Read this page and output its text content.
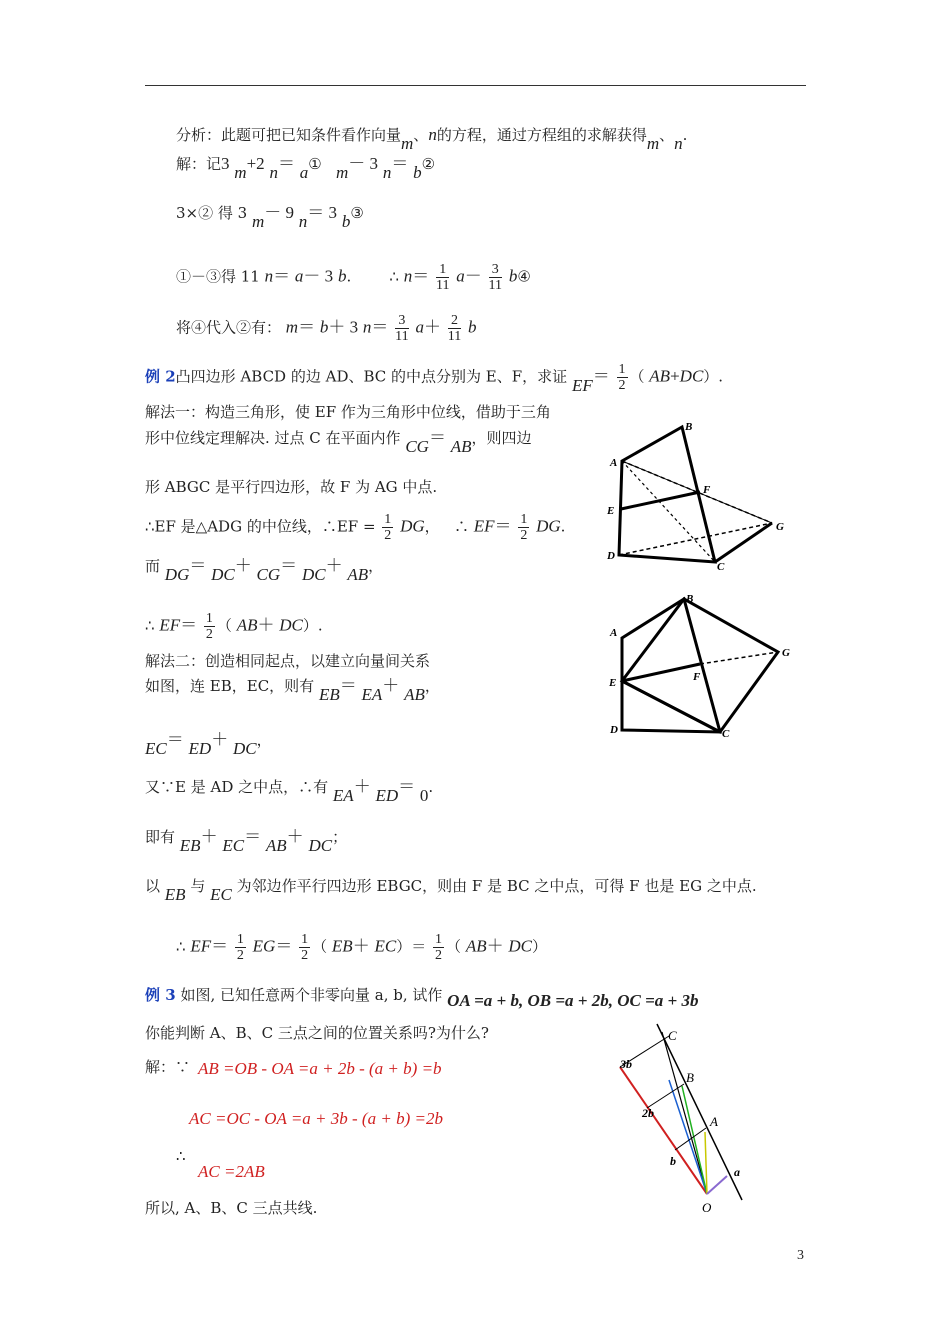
分析：此题可把已知条件看作向量m、n的方程，通过方程组的求解获得m、n.
解：记3 m+2 n＝ a① m－ 3 n＝ b②
3×② 得 3 m－ 9 n＝ 3 b③
①－③得 11 n＝ a－ 3 b.	∴ $n= \frac{1}{11} a- \frac{3}{11}$ b④
将④代入②有： m＝ b＋ 3 $n= \frac{3}{11} a+ \frac{2}{11}$ b
例 2凸四边形 ABCD 的边 AD、BC 的中点分别为 E、F，求证 $EF= \frac{1}{2}$ （ AB+DC）.
解法一：构造三角形，使 EF 作为三角形中位线，借助于三角
形中位线定理解决. 过点 C 在平面内作 CG＝ AB，则四边
形 ABGC 是平行四边形，故 F 为 AG 中点.
∴EF 是△ADG 的中位线，∴EF = $\frac{1}{2}$ DG， ∴ $EF= \frac{1}{2}$ DG.
而 DG＝ DC＋ CG＝ DC＋ AB，
∴ $EF= \frac{1}{2}$ （ AB＋ DC）.
解法二：创造相同起点，以建立向量间关系
如图，连 EB，EC，则有 EB＝ EA＋ AB，
EC＝ ED＋ DC，
又∵E 是 AD 之中点，∴有 EA＋ ED＝ 0.
即有 EB＋ EC＝ AB＋ DC；
以 EB 与 EC 为邻边作平行四边形 EBGC，则由 F 是 BC 之中点，可得 F 也是 EG 之中点.
∴ $EF= \frac{1}{2} EG= \frac{1}{2}$ （ $EB+ EC)= \frac{1}{2}$ （ AB＋ DC）
例 3 如图, 已知任意两个非零向量 a, b, 试作 OA =a + b, OB =a + 2b, OC =a + 3b
你能判断 A、B、C 三点之间的位置关系吗?为什么?
解：∵ AB =OB - OA =a + 2b - (a + b) =b
AC =OC - OA =a + 3b - (a + b) =2b
∴
AC =2AB
所以, A、B、C 三点共线.
A
B
C
D
E
F
G
A
B
C
D
E	F
G
C
B
A
O
3b
2b
b
a
3
